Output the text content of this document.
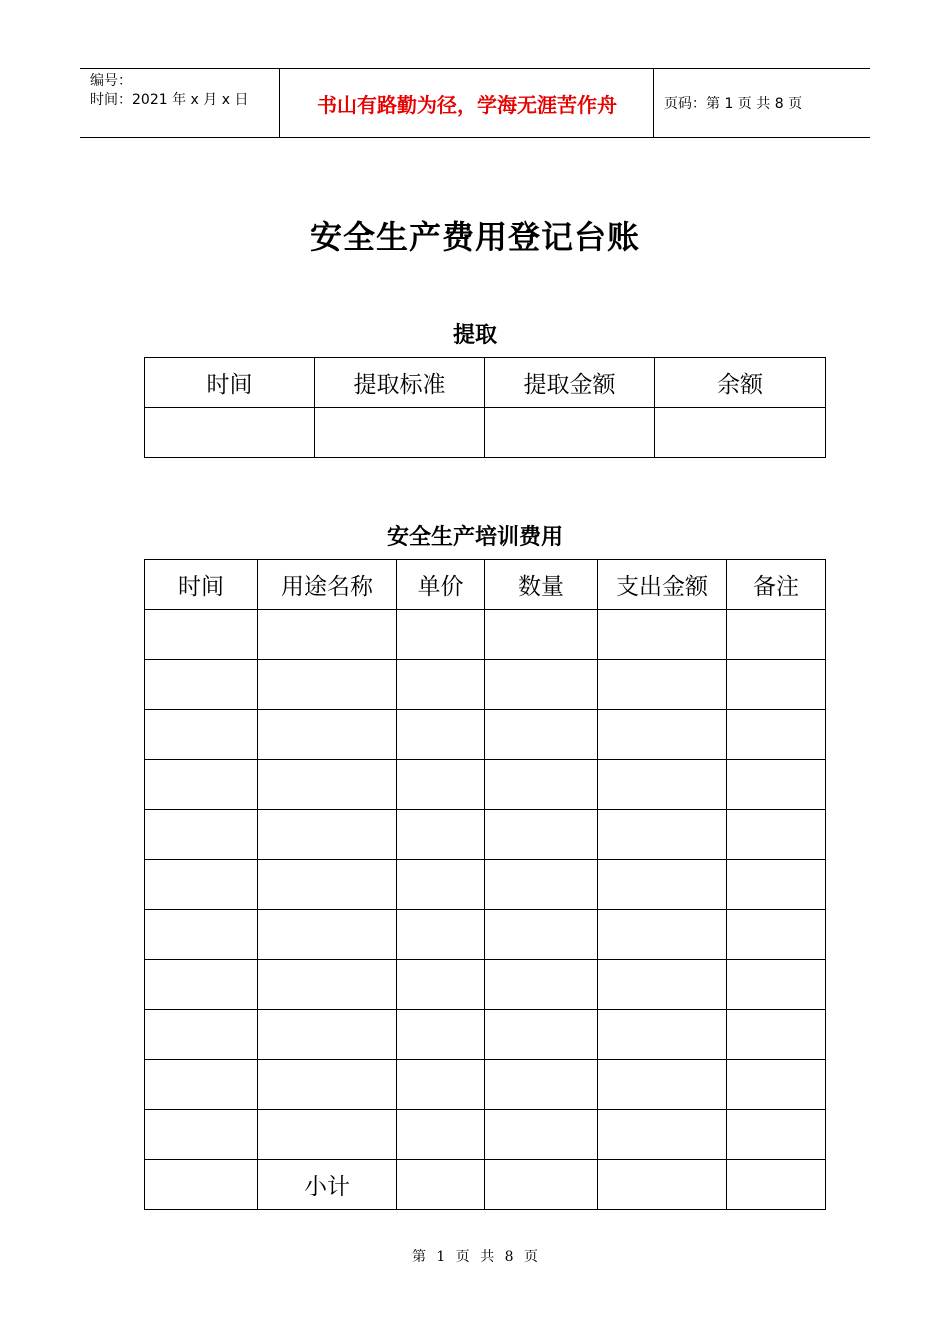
编号：
时间：2021 年 x 月 x 日	书山有路勤为径，学海无涯苦作舟	页码：第 1 页 共 8 页
安全生产费用登记台账
提取
时间	提取标准	提取金额	余额

安全生产培训费用
时间	用途名称	单价	数量	支出金额	备注

	小计				
第 1 页 共 8 页
